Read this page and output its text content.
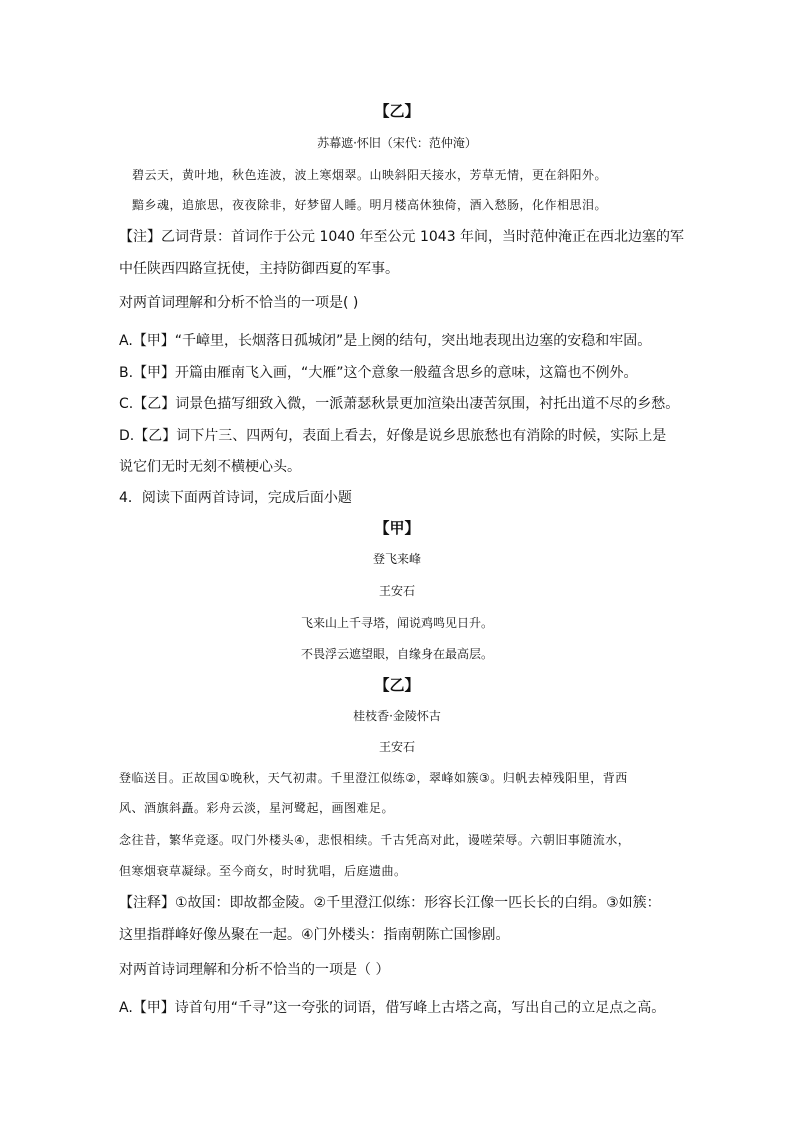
【乙】
苏幕遮·怀旧（宋代：范仲淹）
碧云天，黄叶地，秋色连波，波上寒烟翠。山映斜阳天接水，芳草无情，更在斜阳外。
黯乡魂，追旅思，夜夜除非，好梦留人睡。明月楼高休独倚，酒入愁肠，化作相思泪。
【注】乙词背景：首词作于公元 1040 年至公元 1043 年间，当时范仲淹正在西北边塞的军
中任陕西四路宣抚使，主持防御西夏的军事。
对两首词理解和分析不恰当的一项是( )
A.【甲】“千嶂里，长烟落日孤城闭”是上阕的结句，突出地表现出边塞的安稳和牢固。
B.【甲】开篇由雁南飞入画，“大雁”这个意象一般蕴含思乡的意味，这篇也不例外。
C.【乙】词景色描写细致入微，一派萧瑟秋景更加渲染出凄苦氛围，衬托出道不尽的乡愁。
D.【乙】词下片三、四两句，表面上看去，好像是说乡思旅愁也有消除的时候，实际上是
说它们无时无刻不横梗心头。
4．阅读下面两首诗词，完成后面小题
【甲】
登飞来峰
王安石
飞来山上千寻塔，闻说鸡鸣见日升。
不畏浮云遮望眼，自缘身在最高层。
【乙】
桂枝香·金陵怀古
王安石
登临送目。正故国①晚秋，天气初肃。千里澄江似练②，翠峰如簇③。归帆去棹残阳里，背西
风、酒旗斜矗。彩舟云淡，星河鹭起，画图难足。
念往昔，繁华竞逐。叹门外楼头④，悲恨相续。千古凭高对此，谩嗟荣辱。六朝旧事随流水，
但寒烟衰草凝绿。至今商女，时时犹唱，后庭遗曲。
【注释】①故国：即故都金陵。②千里澄江似练：形容长江像一匹长长的白绢。③如簇：
这里指群峰好像丛聚在一起。④门外楼头：指南朝陈亡国惨剧。
对两首诗词理解和分析不恰当的一项是（ ）
A.【甲】诗首句用“千寻”这一夸张的词语，借写峰上古塔之高，写出自己的立足点之高。
